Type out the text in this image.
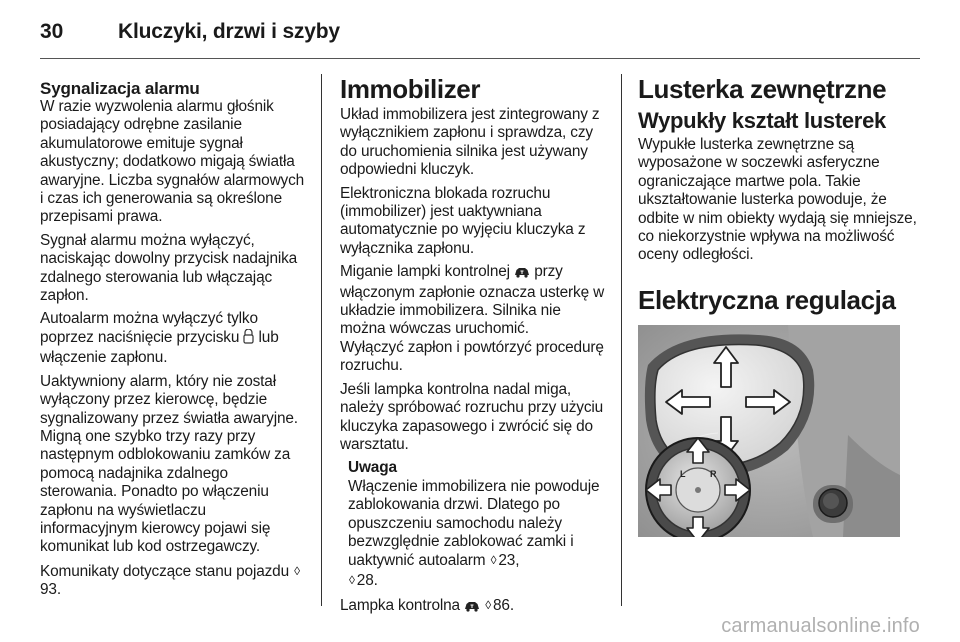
30	Kluczyki, drzwi i szyby
Sygnalizacja alarmu

W razie wyzwolenia alarmu głośnik posiadający odrębne zasilanie akumulatorowe emituje sygnał akustyczny; dodatkowo migają światła awaryjne. Liczba sygnałów alarmowych i czas ich generowania są określone przepisami prawa.

Sygnał alarmu można wyłączyć, naciskając dowolny przycisk nadajnika zdalnego sterowania lub włączając zapłon.

Autoalarm można wyłączyć tylko poprzez naciśnięcie przycisku lub włączenie zapłonu.

Uaktywniony alarm, który nie został wyłączony przez kierowcę, będzie sygnalizowany przez światła awaryjne. Migną one szybko trzy razy przy następnym odblokowaniu zamków za pomocą nadajnika zdalnego sterowania. Ponadto po włączeniu zapłonu na wyświetlaczu informacyjnym kierowcy pojawi się komunikat lub kod ostrzegawczy.

Komunikaty dotyczące stanu pojazdu ◊93.

Immobilizer

Układ immobilizera jest zintegrowany z wyłącznikiem zapłonu i sprawdza, czy do uruchomienia silnika jest używany odpowiedni kluczyk.

Elektroniczna blokada rozruchu (immobilizer) jest uaktywniana automatycznie po wyjęciu kluczyka z wyłącznika zapłonu.

Miganie lampki kontrolnej przy włączonym zapłonie oznacza usterkę w układzie immobilizera. Silnika nie można wówczas uruchomić.

Wyłączyć zapłon i powtórzyć procedurę rozruchu.

Jeśli lampka kontrolna nadal miga, należy spróbować rozruchu przy użyciu kluczyka zapasowego i zwrócić się do warsztatu.

Uwaga
Włączenie immobilizera nie powoduje zablokowania drzwi. Dlatego po opuszczeniu samochodu należy bezwzględnie zablokować zamki i uaktywnić autoalarm ◊ 23,
◊ 28.

Lampka kontrolna ◊ 86.

Lusterka zewnętrzne
Wypukły kształt lusterek

Wypukłe lusterka zewnętrzne są wyposażone w soczewki asferyczne ograniczające martwe pola. Takie ukształtowanie lusterka powoduje, że odbite w nim obiekty wydają się mniejsze, co niekorzystnie wpływa na możliwość oceny odległości.

Elektryczna regulacja
L	R
carmanualsonline.info
